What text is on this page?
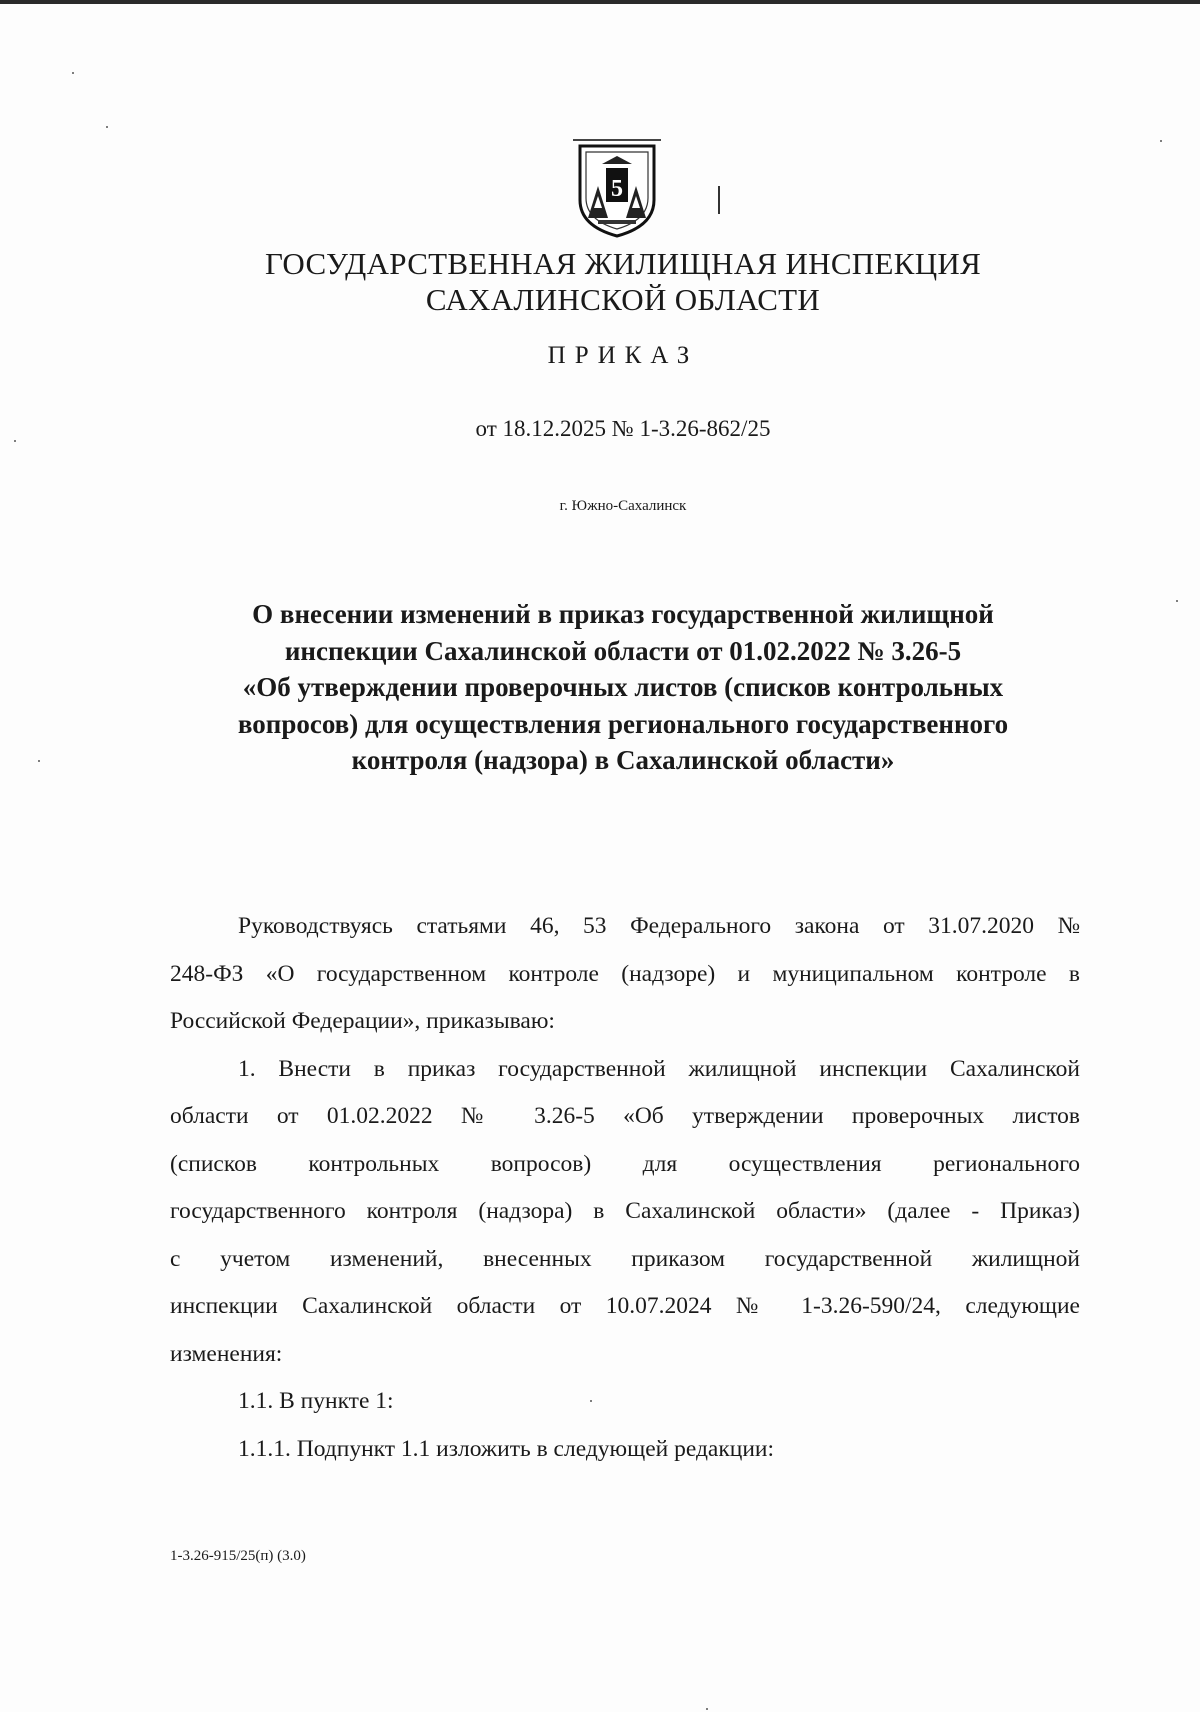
5
ГОСУДАРСТВЕННАЯ ЖИЛИЩНАЯ ИНСПЕКЦИЯ
САХАЛИНСКОЙ ОБЛАСТИ
ПРИКАЗ
от 18.12.2025 № 1-3.26-862/25
г. Южно-Сахалинск
О внесении изменений в приказ государственной жилищной
инспекции Сахалинской области от 01.02.2022 № 3.26-5
«Об утверждении проверочных листов (списков контрольных
вопросов) для осуществления регионального государственного
контроля (надзора) в Сахалинской области»
Руководствуясь статьями 46, 53 Федерального закона от 31.07.2020 №
248-ФЗ «О государственном контроле (надзоре) и муниципальном контроле в
Российской Федерации», приказываю:
1. Внести в приказ государственной жилищной инспекции Сахалинской
области от 01.02.2022 № 3.26-5 «Об утверждении проверочных листов
(списков контрольных вопросов) для осуществления регионального
государственного контроля (надзора) в Сахалинской области» (далее - Приказ)
с учетом изменений, внесенных приказом государственной жилищной
инспекции Сахалинской области от 10.07.2024 № 1-3.26-590/24, следующие
изменения:
1.1. В пункте 1:
1.1.1. Подпункт 1.1 изложить в следующей редакции:
1-3.26-915/25(п) (3.0)
